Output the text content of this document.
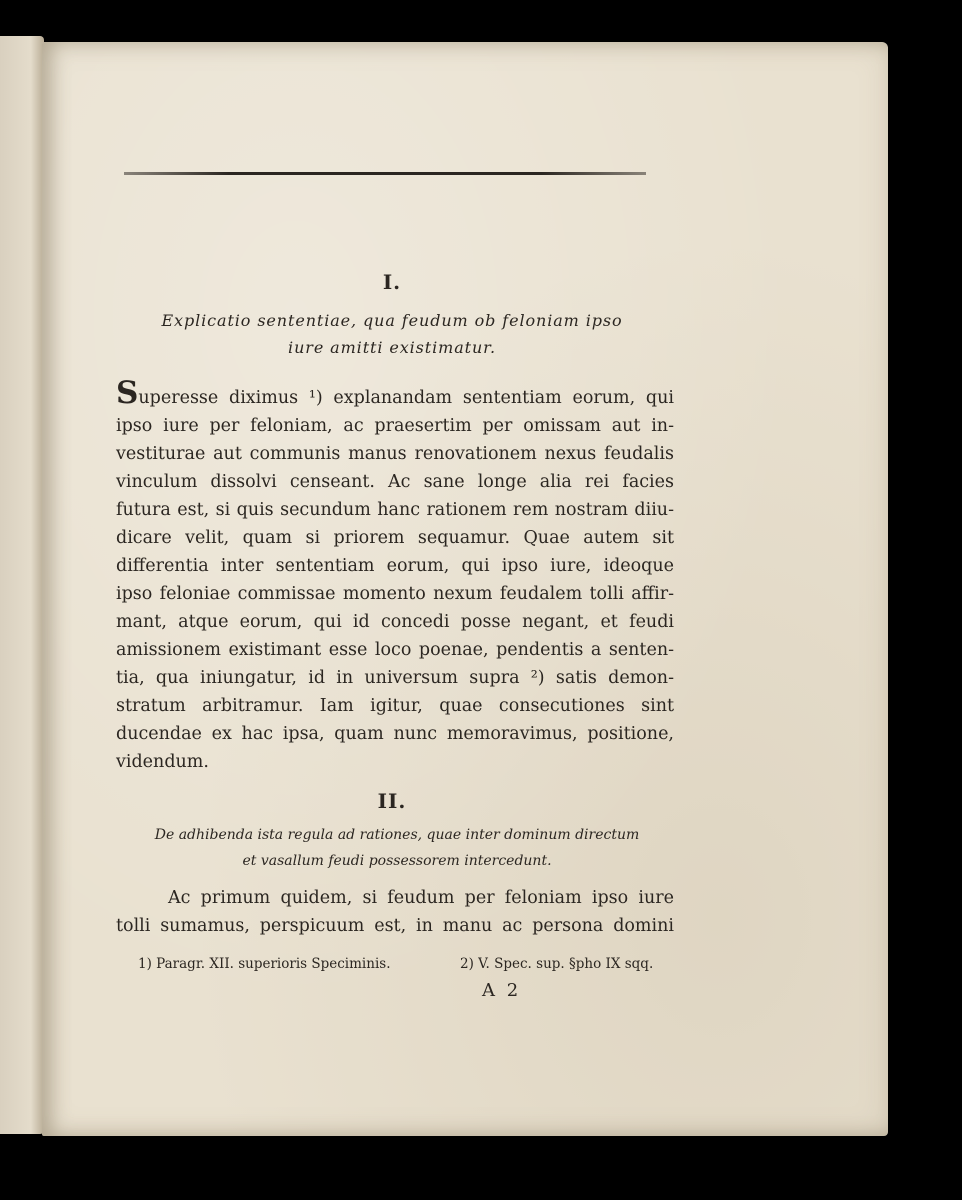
I.
Explicatio sententiae, qua feudum ob feloniam ipso
iure amitti existimatur.
Superesse diximus ¹) explanandam sententiam eorum, qui
ipso iure per feloniam, ac praesertim per omissam aut in-
vestiturae aut communis manus renovationem nexus feudalis
vinculum dissolvi censeant. Ac sane longe alia rei facies
futura est, si quis secundum hanc rationem rem nostram diiu-
dicare velit, quam si priorem sequamur. Quae autem sit
differentia inter sententiam eorum, qui ipso iure, ideoque
ipso feloniae commissae momento nexum feudalem tolli affir-
mant, atque eorum, qui id concedi posse negant, et feudi
amissionem existimant esse loco poenae, pendentis a senten-
tia, qua iniungatur, id in universum supra ²) satis demon-
stratum arbitramur. Iam igitur, quae consecutiones sint
ducendae ex hac ipsa, quam nunc memoravimus, positione,
videndum.
II.
De adhibenda ista regula ad rationes, quae inter dominum directum
et vasallum feudi possessorem intercedunt.
Ac primum quidem, si feudum per feloniam ipso iure
tolli sumamus, perspicuum est, in manu ac persona domini
1) Paragr. XII. superioris Speciminis.	2) V. Spec. sup. §pho IX sqq.
A 2
